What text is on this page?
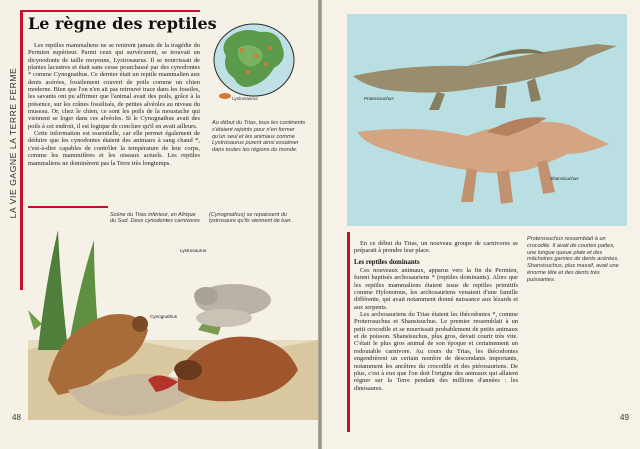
LA VIE GAGNE LA TERRE FERME
Le règne des reptiles

Les reptiles mammaliens ne se renirent jamais de la tragédie du Permien supérieur. Parmi ceux qui survécurent, se trouvait un dicynodonte de taille moyenne, Lystrosaurus. Il se nourrissait de plantes lacustres et était sans cesse pourchassé par des cynodontes * comme Cynognathus. Ce dernier était un reptile mammalien aux dents acérées, fossilement couvert de poils comme un chien moderne. Bien que l'on n'en ait pas retrouvé trace dans les fossiles, les savants ont pu affirmer que l'animal avait des poils, grâce à la présence, sur les crânes fossilisés, de petites alvéoles au niveau du museau. Or, chez le chien, ce sont les poils de la moustache qui viennent se loger dans ces alvéoles. Si le Cynognathus avait des poils à cet endroit, il est logique de conclure qu'il en avait ailleurs.

Cette information est essentielle, car elle permet également de déduire que les cynodontes étaient des animaux à sang chaud *, c'est-à-dire capables de contrôler la température de leur corps, comme les mammifères et les oiseaux actuels. Les reptiles mammaliens ne dominèrent pas la Terre très longtemps.

Lystrosaurus
Au début du Trias, tous les continents s'étaient rejoints pour n'en former qu'un seul et les animaux comme Lystrosaurus purent ainsi essaimer dans toutes les régions du monde.
Scène du Trias inférieur, en Afrique du Sud. Deux cynodontes carnivores
(Cynognathus) se repaissent du lystrosaure qu'ils viennent de tuer.
Lystrosaurus
Cynognathus
48
Proterosuchus
Shansisuchus

En ce début du Trias, un nouveau groupe de carnivores se préparait à prendre leur place.

Les reptiles dominants

Ces nouveaux animaux, apparus vers la fin du Permien, furent baptisés archosauriens * (reptiles dominants). Alors que les reptiles mammaliens étaient issus de reptiles primitifs comme Hylonomus, les archosauriens venaient d'une famille différente, qui avait notamment donné naissance aux lézards et aux serpents.

Les archosauriens du Trias étaient les thécodontes *, comme Proterosuchus et Shansisuchus. Le premier ressemblait à un petit crocodile et se nourrissait probablement de petits animaux et de poisson. Shansisuchus, plus gros, devait courir très vite. C'était le plus gros animal de son époque et certainement un redoutable carnivore. Au cours du Trias, les thécodontes engendrèrent un certain nombre de descendants importants, notamment les ancêtres du crocodile et des ptérosauriens. De plus, c'est à eux que l'on doit l'origine des animaux qui allaient régner sur la Terre pendant des millions d'années : les dinosaures.

Proterosuchus ressemblait à un crocodile. Il avait de courtes pattes, une longue queue plate et des mâchoires garnies de dents acérées. Shansisuchus, plus massif, avait une énorme tête et des dents très puissantes.
49
